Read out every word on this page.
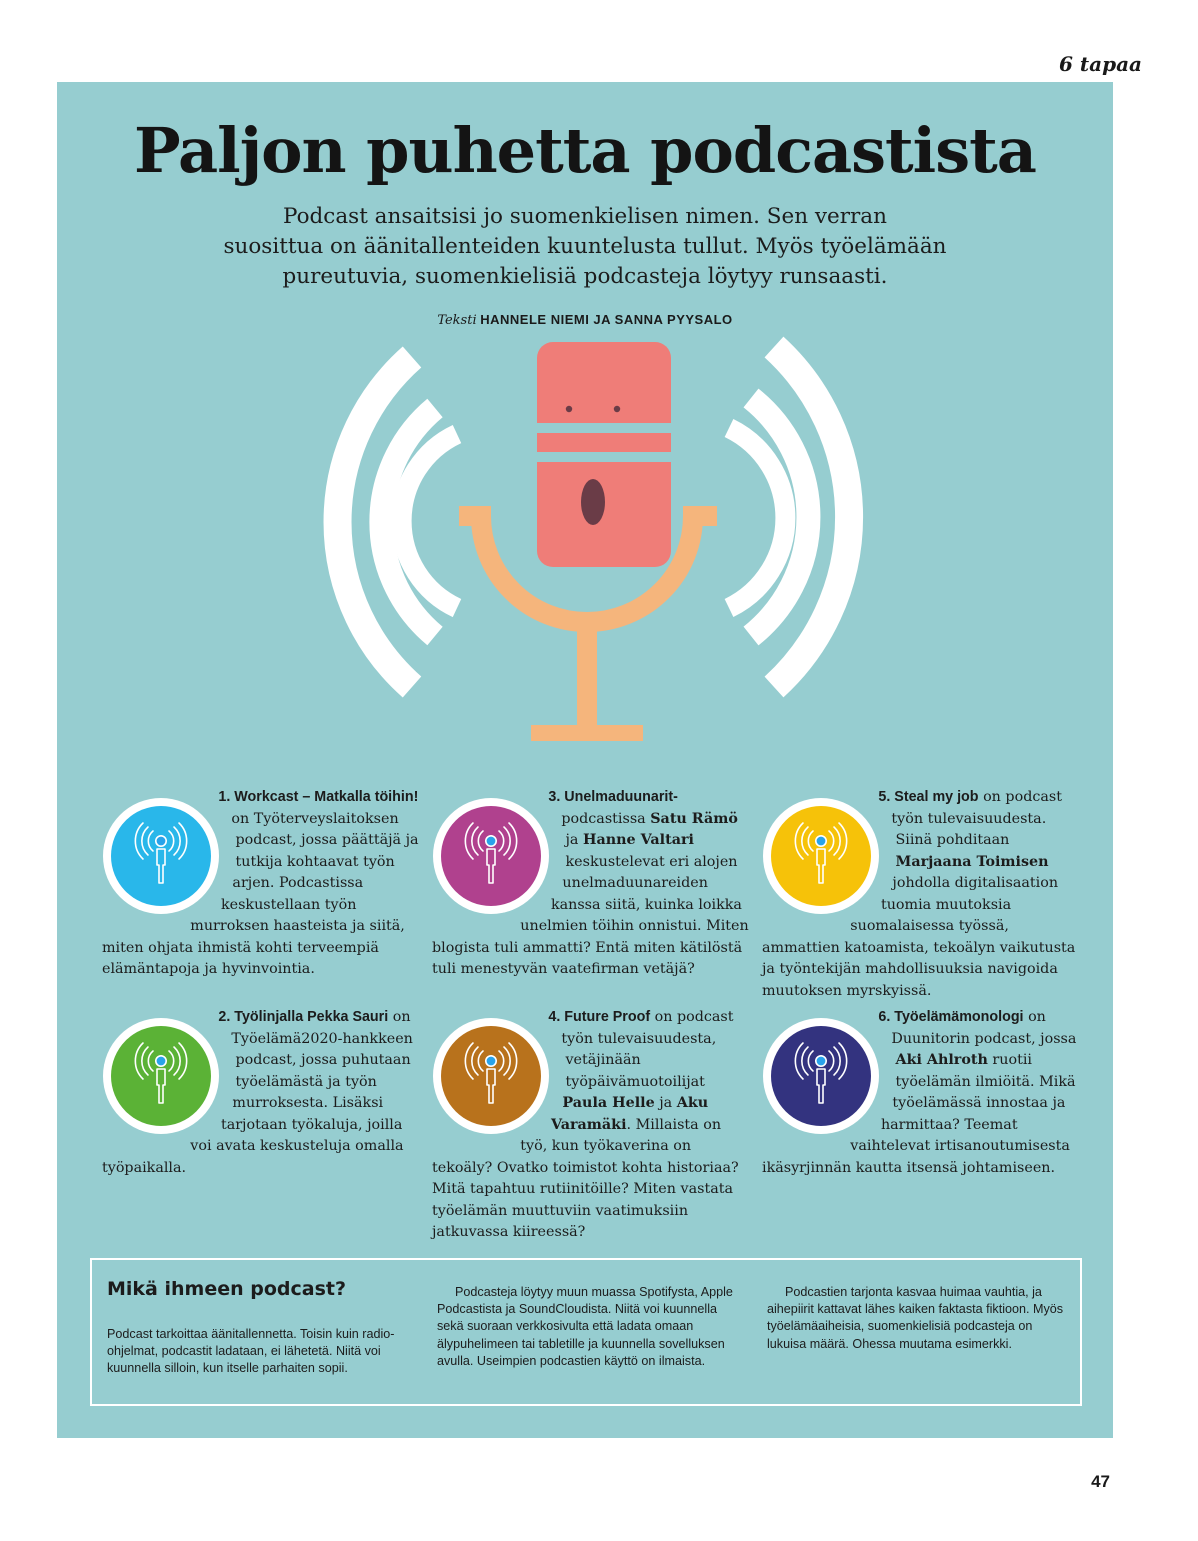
6 tapaa
Paljon puhetta podcastista

Podcast ansaitsisi jo suomenkielisen nimen. Sen verran
suosittua on äänitallenteiden kuuntelusta tullut. Myös työelämään
pureutuvia, suomenkielisiä podcasteja löytyy runsaasti.

Teksti HANNELE NIEMI JA SANNA PYYSALO
1. Workcast – Matkalla töihin! on Työterveyslaitoksen podcast, jossa päättäjä ja tutkija kohtaavat työn arjen. Podcastissa keskustellaan työn murroksen haasteista ja siitä, miten ohjata ihmistä kohti terveempiä elämäntapoja ja hyvinvointia.
3. Unelmaduunarit-podcastissa Satu Rämö ja Hanne Valtari keskustelevat eri alojen unelmaduunareiden kanssa siitä, kuinka loikka unelmien töihin onnistui. Miten blogista tuli ammatti? Entä miten kätilöstä tuli menestyvän vaatefirman vetäjä?
5. Steal my job on podcast työn tulevaisuudesta. Siinä pohditaan Marjaana Toimisen johdolla digitalisaation tuomia muutoksia suomalaisessa työssä, ammattien katoamista, tekoälyn vaikutusta ja työntekijän mahdollisuuksia navigoida muutoksen myrskyissä.
2. Työlinjalla Pekka Sauri on Työelämä2020-hankkeen podcast, jossa puhutaan työelämästä ja työn murroksesta. Lisäksi tarjotaan työkaluja, joilla voi avata keskusteluja omalla työpaikalla.
4. Future Proof on podcast työn tulevaisuudesta, vetäjinään työpäivämuotoilijat Paula Helle ja Aku Varamäki. Millaista on työ, kun työkaverina on tekoäly? Ovatko toimistot kohta historiaa? Mitä tapahtuu rutiinitöille? Miten vastata työelämän muuttuviin vaatimuksiin jatkuvassa kiireessä?
6. Työelämämonologi on Duunitorin podcast, jossa Aki Ahlroth ruotii työelämän ilmiöitä. Mikä työelämässä innostaa ja harmittaa? Teemat vaihtelevat irtisanoutumisesta ikäsyrjinnän kautta itsensä johtamiseen.
Mikä ihmeen podcast?

Podcast tarkoittaa äänitallennetta. Toisin kuin radio-ohjelmat, podcastit ladataan, ei lähetetä. Niitä voi kuunnella silloin, kun itselle parhaiten sopii.

Podcasteja löytyy muun muassa Spotifysta, Apple Podcastista ja SoundCloudista. Niitä voi kuunnella sekä suoraan verkkosivulta että ladata omaan älypuhelimeen tai tabletille ja kuunnella sovelluksen avulla. Useimpien podcastien käyttö on ilmaista.

Podcastien tarjonta kasvaa huimaa vauhtia, ja aihepiirit kattavat lähes kaiken faktasta fiktioon. Myös työelämäaiheisia, suomenkielisiä podcasteja on lukuisa määrä. Ohessa muutama esimerkki.

47
